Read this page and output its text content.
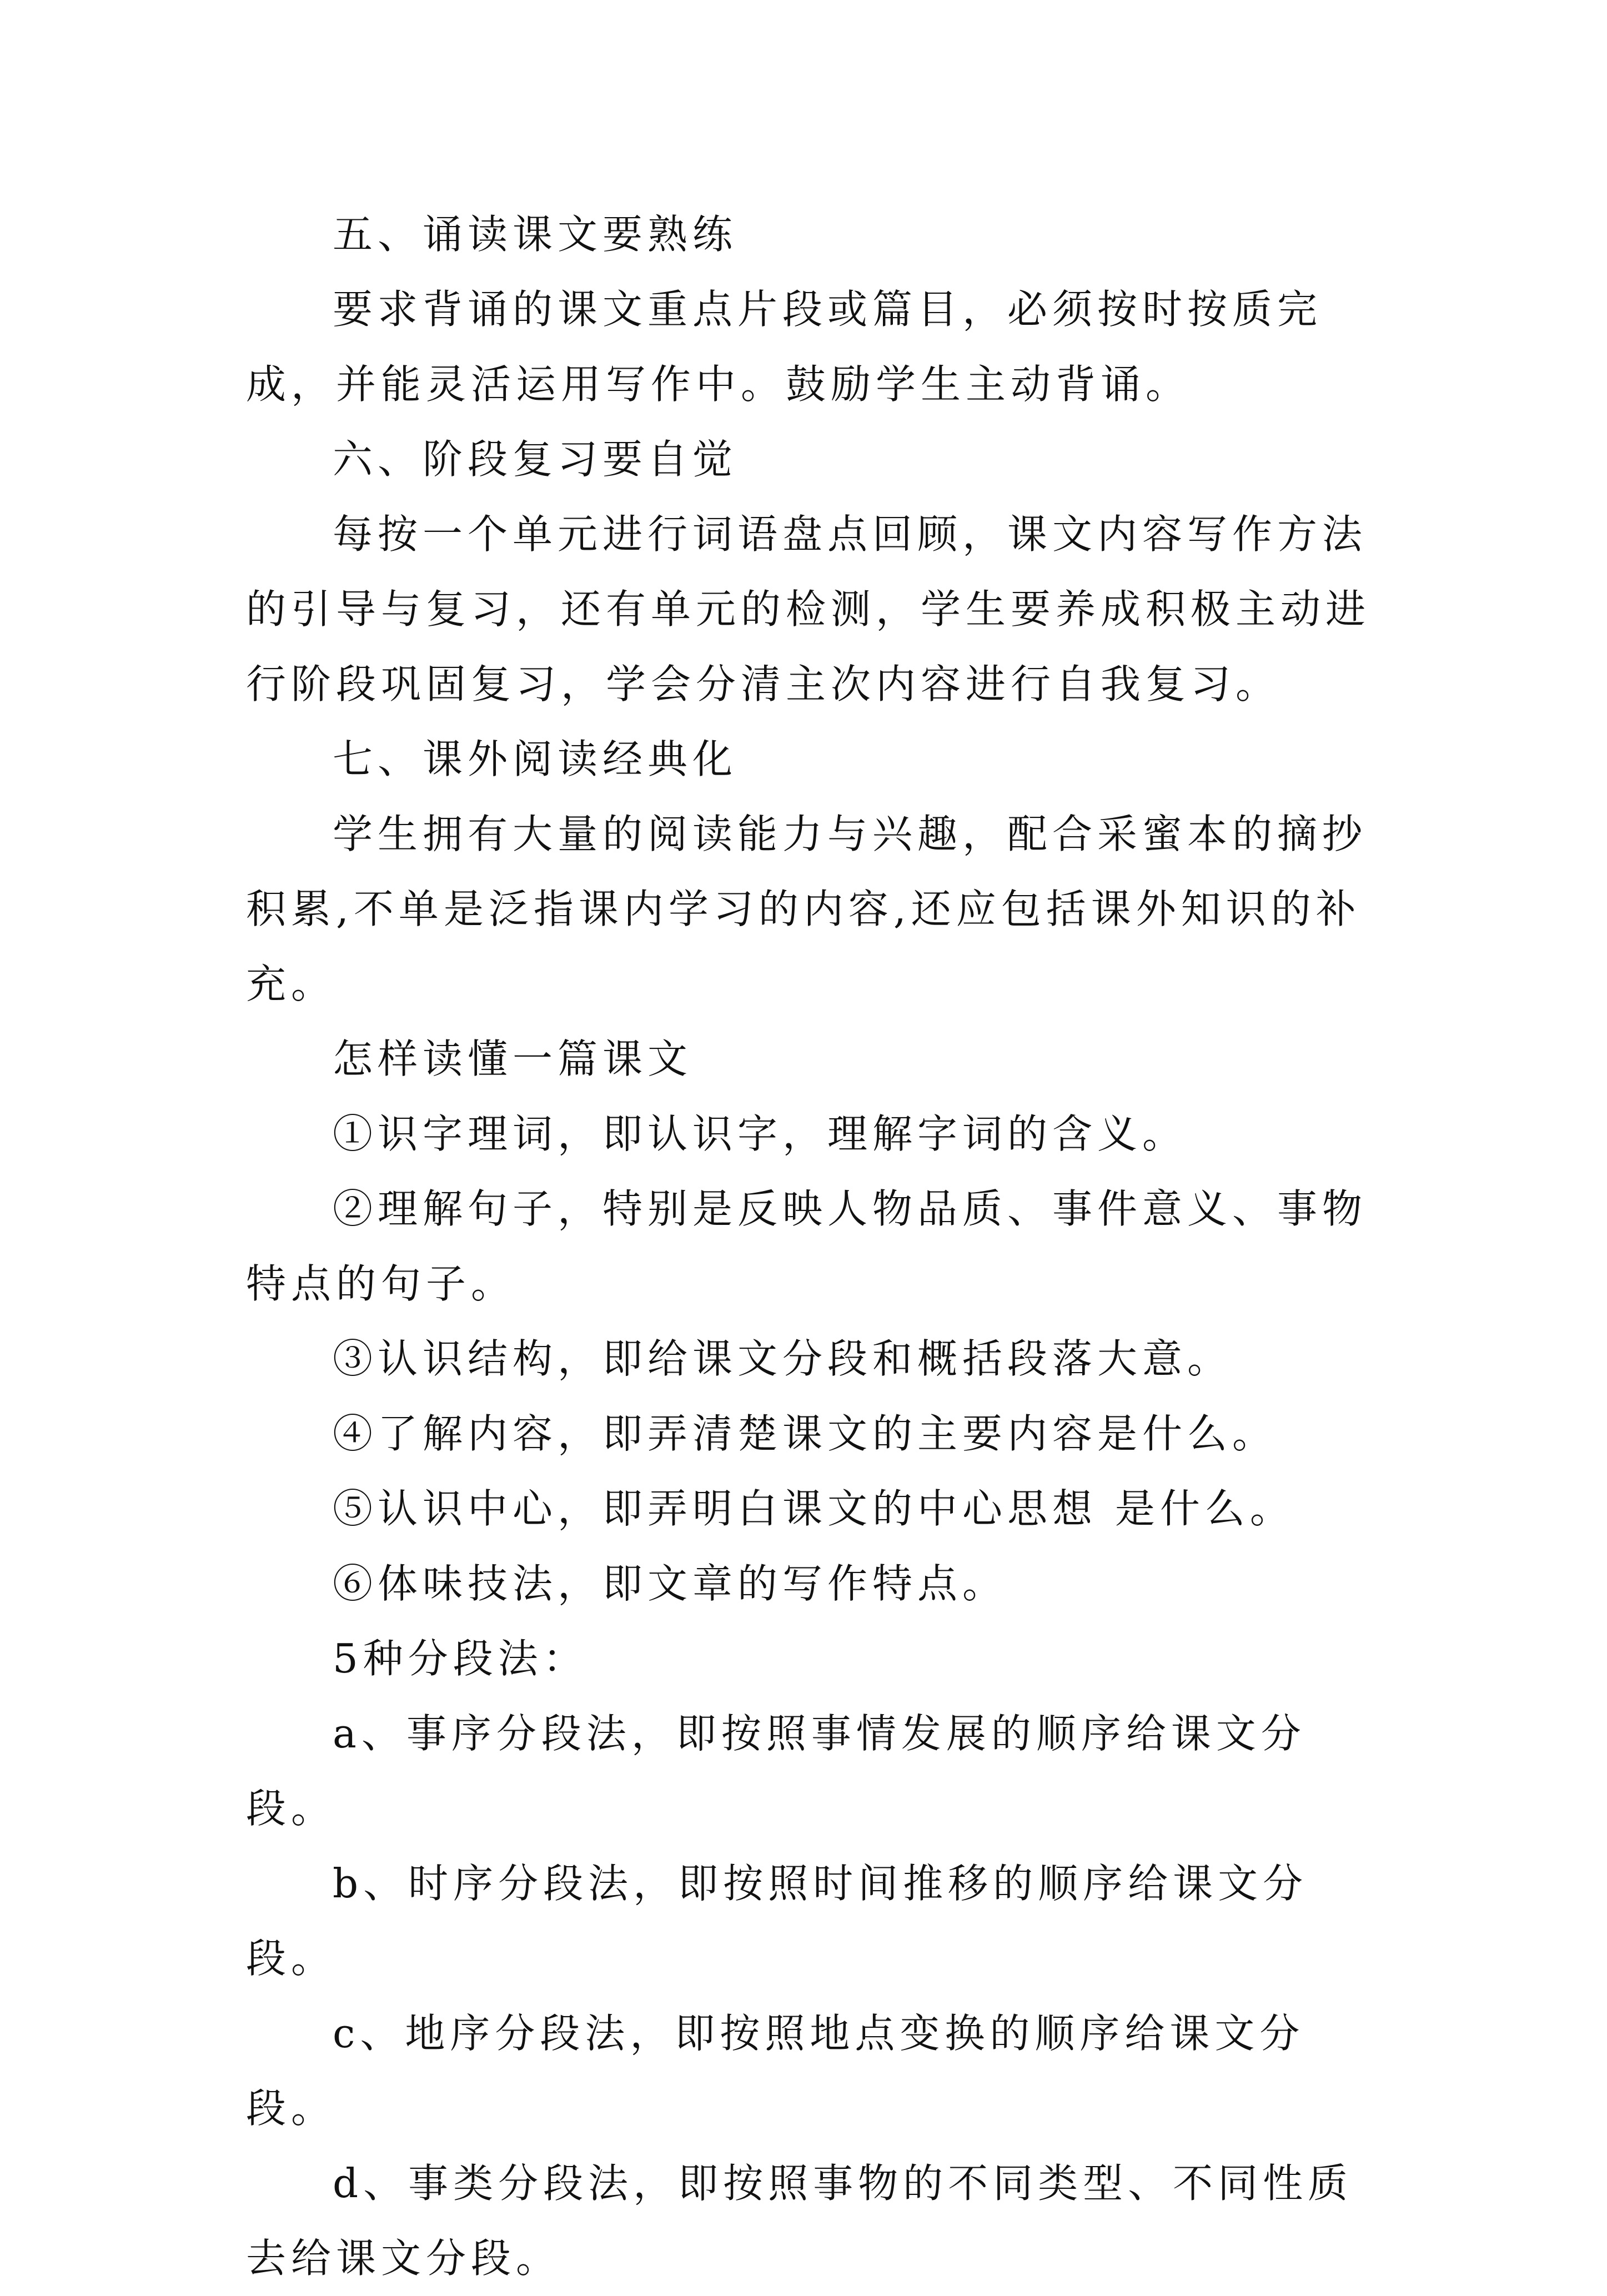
五、诵读课文要熟练

要求背诵的课文重点片段或篇目，必须按时按质完成，并能灵活运用写作中。鼓励学生主动背诵。

六、阶段复习要自觉

每按一个单元进行词语盘点回顾，课文内容写作方法的引导与复习，还有单元的检测，学生要养成积极主动进行阶段巩固复习，学会分清主次内容进行自我复习。

七、课外阅读经典化

学生拥有大量的阅读能力与兴趣，配合采蜜本的摘抄积累,不单是泛指课内学习的内容,还应包括课外知识的补充。

怎样读懂一篇课文

①识字理词，即认识字，理解字词的含义。

②理解句子，特别是反映人物品质、事件意义、事物特点的句子。

③认识结构，即给课文分段和概括段落大意。

④了解内容，即弄清楚课文的主要内容是什么。

⑤认识中心，即弄明白课文的中心思想 是什么。

⑥体味技法，即文章的写作特点。

5种分段法：

a、事序分段法，即按照事情发展的顺序给课文分段。

b、时序分段法，即按照时间推移的顺序给课文分段。

c、地序分段法，即按照地点变换的顺序给课文分段。

d、事类分段法，即按照事物的不同类型、不同性质去给课文分段。
